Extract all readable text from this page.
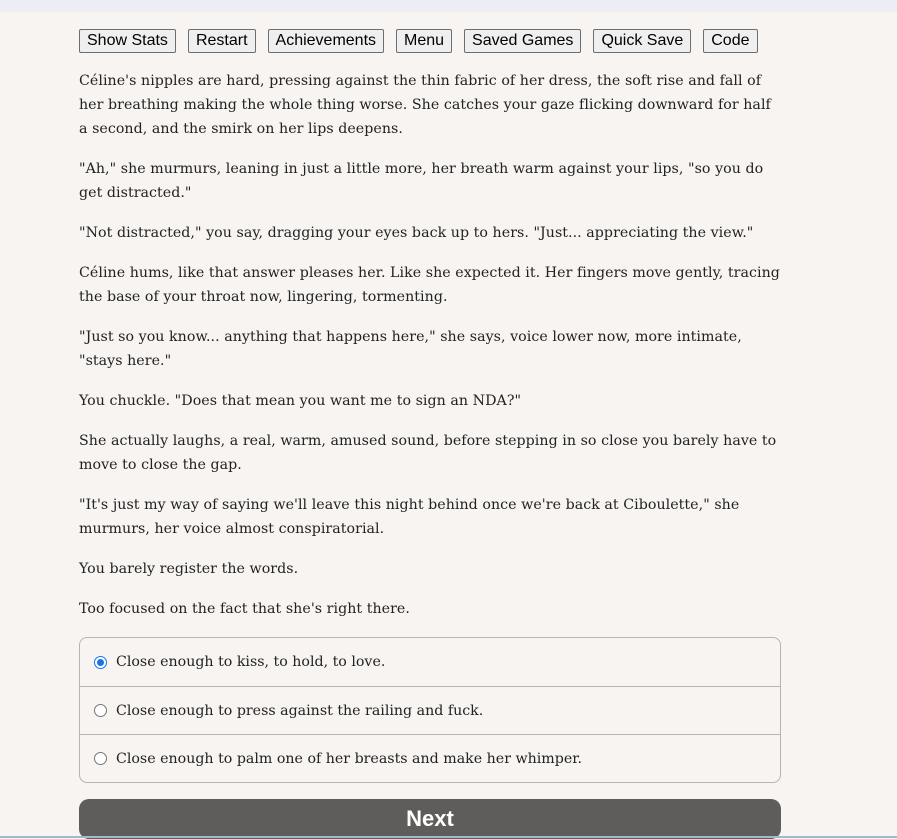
Show Stats	Restart	Achievements	Menu	Saved Games	Quick Save	Code

Céline's nipples are hard, pressing against the thin fabric of her dress, the soft rise and fall of her breathing making the whole thing worse. She catches your gaze flicking downward for half a second, and the smirk on her lips deepens.

"Ah," she murmurs, leaning in just a little more, her breath warm against your lips, "so you do get distracted."

"Not distracted," you say, dragging your eyes back up to hers. "Just... appreciating the view."

Céline hums, like that answer pleases her. Like she expected it. Her fingers move gently, tracing the base of your throat now, lingering, tormenting.

"Just so you know... anything that happens here," she says, voice lower now, more intimate, "stays here."

You chuckle. "Does that mean you want me to sign an NDA?"

She actually laughs, a real, warm, amused sound, before stepping in so close you barely have to move to close the gap.

"It's just my way of saying we'll leave this night behind once we're back at Ciboulette," she murmurs, her voice almost conspiratorial.

You barely register the words.

Too focused on the fact that she's right there.

Close enough to kiss, to hold, to love.
Close enough to press against the railing and fuck.
Close enough to palm one of her breasts and make her whimper.
Next
